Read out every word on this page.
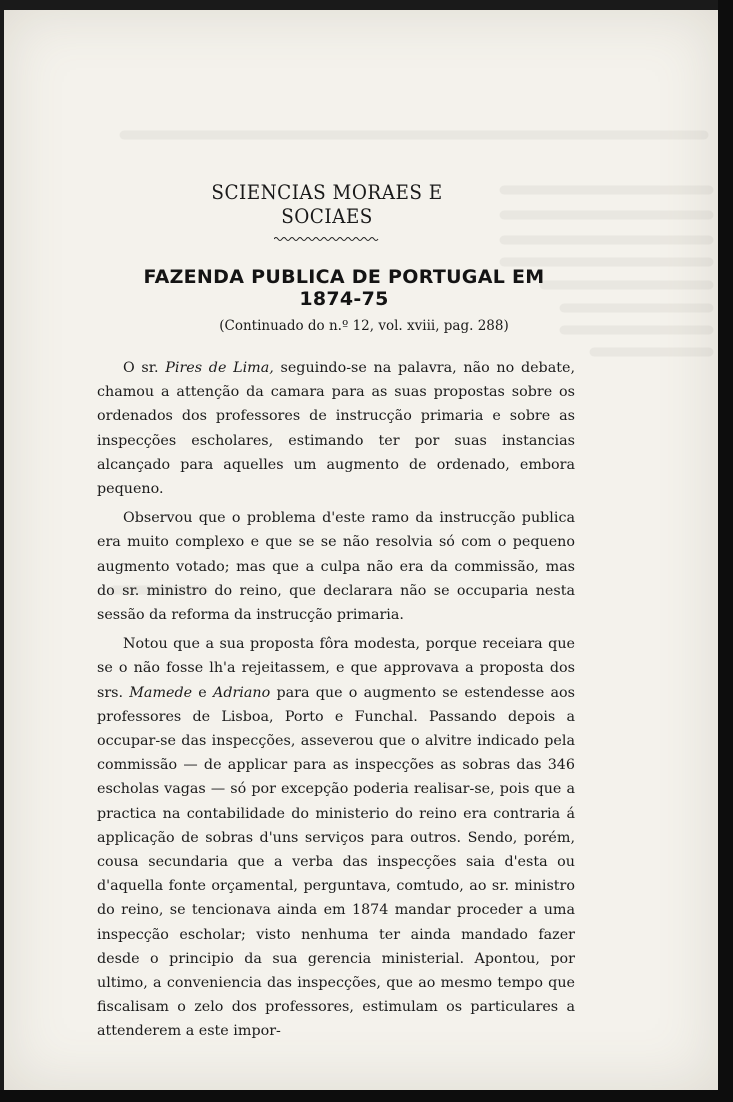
SCIENCIAS MORAES E SOCIAES
FAZENDA PUBLICA DE PORTUGAL EM 1874-75
(Continuado do n.º 12, vol. xviii, pag. 288)

O sr. Pires de Lima, seguindo-se na palavra, não no debate, chamou a attenção da camara para as suas propostas sobre os ordenados dos professores de instrucção primaria e sobre as inspecções escholares, estimando ter por suas instancias alcançado para aquelles um augmento de ordenado, embora pequeno.

Observou que o problema d'este ramo da instrucção publica era muito complexo e que se se não resolvia só com o pequeno augmento votado; mas que a culpa não era da commissão, mas do sr. ministro do reino, que declarara não se occuparia nesta sessão da reforma da instrucção primaria.

Notou que a sua proposta fôra modesta, porque receiara que se o não fosse lh'a rejeitassem, e que approvava a proposta dos srs. Mamede e Adriano para que o augmento se estendesse aos professores de Lisboa, Porto e Funchal. Passando depois a occupar-se das inspecções, asseverou que o alvitre indicado pela commissão — de applicar para as inspecções as sobras das 346 escholas vagas — só por excepção poderia realisar-se, pois que a practica na contabilidade do ministerio do reino era contraria á applicação de sobras d'uns serviços para outros. Sendo, porém, cousa secundaria que a verba das inspecções saia d'esta ou d'aquella fonte orçamental, perguntava, comtudo, ao sr. ministro do reino, se tencionava ainda em 1874 mandar proceder a uma inspecção escholar; visto nenhuma ter ainda mandado fazer desde o principio da sua gerencia ministerial. Apontou, por ultimo, a conveniencia das inspecções, que ao mesmo tempo que fiscalisam o zelo dos professores, estimulam os particulares a attenderem a este impor-
